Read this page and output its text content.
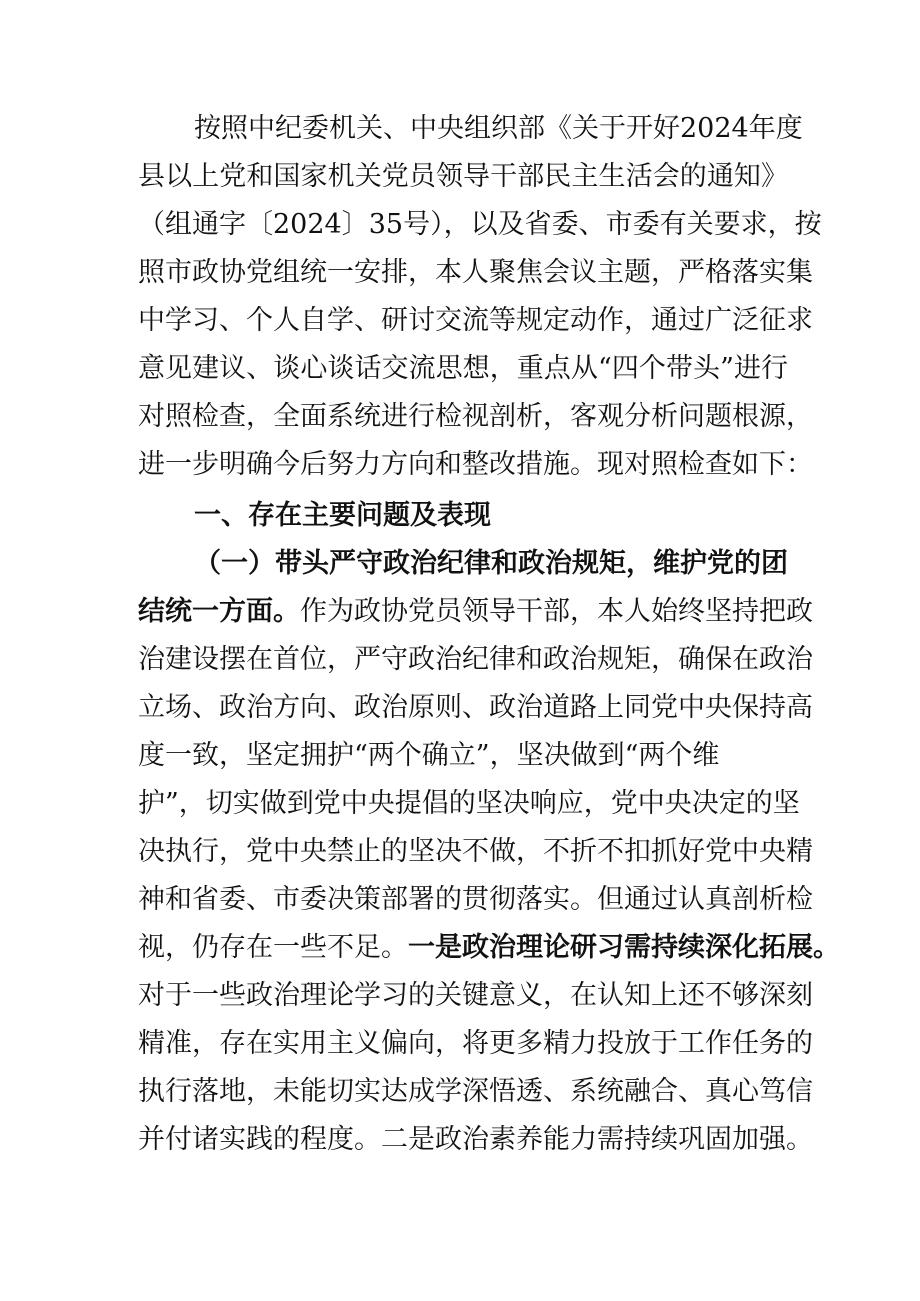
按照中纪委机关、中央组织部《关于开好2024年度
县以上党和国家机关党员领导干部民主生活会的通知》
（组通字〔2024〕35号），以及省委、市委有关要求，按
照市政协党组统一安排，本人聚焦会议主题，严格落实集
中学习、个人自学、研讨交流等规定动作，通过广泛征求
意见建议、谈心谈话交流思想，重点从“四个带头”进行
对照检查，全面系统进行检视剖析，客观分析问题根源，
进一步明确今后努力方向和整改措施。现对照检查如下：
一、存在主要问题及表现
（一）带头严守政治纪律和政治规矩，维护党的团
结统一方面。作为政协党员领导干部，本人始终坚持把政
治建设摆在首位，严守政治纪律和政治规矩，确保在政治
立场、政治方向、政治原则、政治道路上同党中央保持高
度一致，坚定拥护“两个确立”，坚决做到“两个维
护”，切实做到党中央提倡的坚决响应，党中央决定的坚
决执行，党中央禁止的坚决不做，不折不扣抓好党中央精
神和省委、市委决策部署的贯彻落实。但通过认真剖析检
视，仍存在一些不足。一是政治理论研习需持续深化拓展。
对于一些政治理论学习的关键意义，在认知上还不够深刻
精准，存在实用主义偏向，将更多精力投放于工作任务的
执行落地，未能切实达成学深悟透、系统融合、真心笃信
并付诸实践的程度。二是政治素养能力需持续巩固加强。
